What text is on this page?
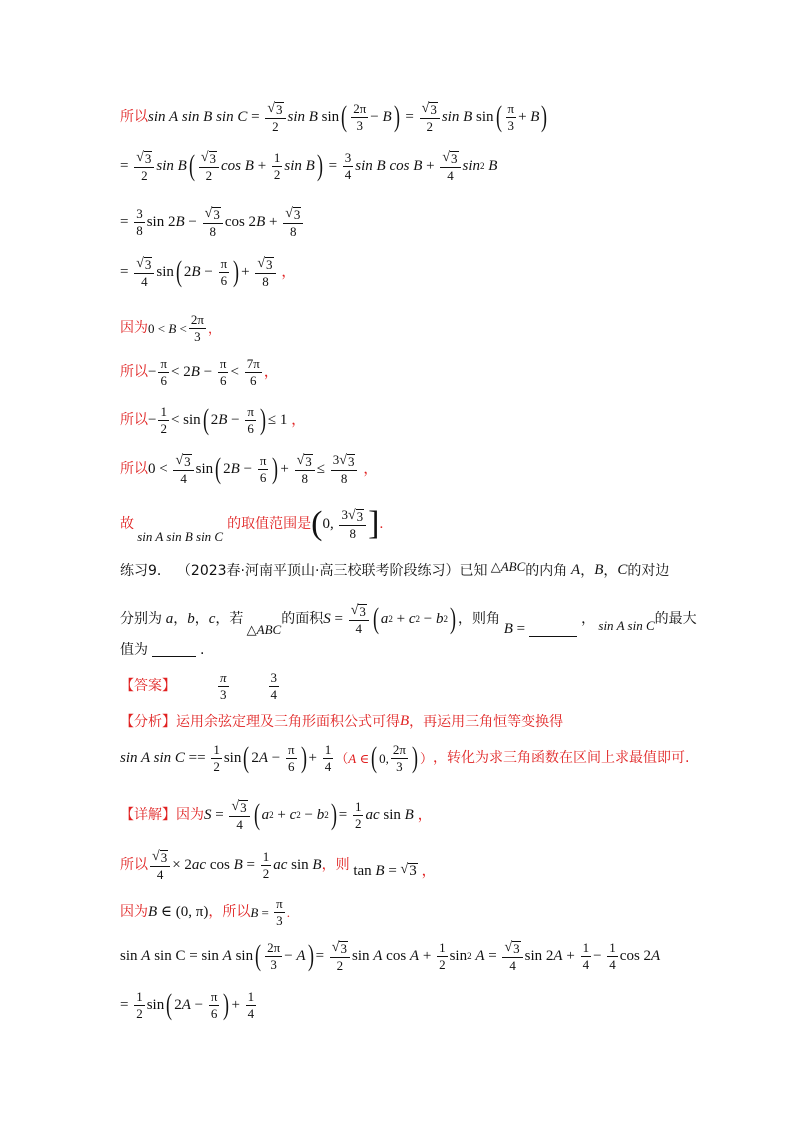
所以 sin A
sin B
$\sin C = \frac{√ 3}{2}$ sin B sin ( $\frac{2\pi}{3} - B$ ) = $\frac{√ 3}{2}$ sin B sin ( $\frac{\pi}{3} + B$ )
= $\frac{√ 3}{2}$ sin B ( $\frac{√ 3}{2}$ $\cos B + \frac{1}{2}$ sin B ) = $\frac{3}{4}$ sin B $\cos B + \frac{√ 3}{4}$ sin 2
B
= $\frac{3}{8}$ sin 2 $B - \frac{√ 3}{8}$ cos 2 $B + \frac{√ 3}{8}$
= $\frac{√ 3}{4}$ sin ( 2 $B - \frac{\pi}{6}$ ) + $\frac{√ 3}{8}$ ，
因为 $0 < B < \frac{2\pi}{3}$ ，
所以 − $\frac{\pi}{6} < 2$ $B - \frac{\pi}{6} < \frac{7\pi}{6}$ ，
所以 − $\frac{1}{2} < \sin$ ( 2 $B - \frac{\pi}{6}$ ) ≤ 1 ，
所以 $0 < \frac{√ 3}{4}$ sin ( 2 $B - \frac{\pi}{6}$ ) + $\frac{√ 3}{8} \le \frac{3 √ 3}{8}$ ，
故

sin A sin B sin C
的取值范围是 ( 0, $\frac{3 √ 3}{8}$ ] .
练习9． （2023春·河南平顶山·高三校联考阶段练习）已知 △ABC 的内角 A ， B ， C 的对边
分别为 a ， b ， c ，若
△ABC
的面积 $S = \frac{√ 3}{4}$ ( a 2 + c 2 − b 2 ) ，则角
B =
， sin A sin C 的最大
值为	.
【答案】	$\frac{\pi}{3}$	$\frac{3}{4}$
【分析】 运用余弦定理及三角形面积公式可得 B ，再运用三角恒等变换得
sin A $\sin C == \frac{1}{2}$ sin ( 2 $A - \frac{\pi}{6}$ ) + $\frac{1}{4}$ （ A ∈ ( 0, $\frac{2\pi}{3}$ ) ） ，转化为求三角函数在区间上求最值即可.
【详解】 因为 $S = \frac{√ 3}{4}$ ( a 2 + c 2 − b 2 ) = $\frac{1}{2}$ ac sin B ，
所以 $\frac{√ 3}{4} \times 2$ ac $\cos B = \frac{1}{2}$ ac sin B ，则 tan B = √ 3 ，
因为 B ∈ (0, π) ，所以 $B = \frac{\pi}{3}$ .
sin A sin C = sin A sin ( $\frac{2\pi}{3} - A$ ) = $\frac{√ 3}{2}$ sin A $\cos A + \frac{1}{2}$ sin 2
$A = \frac{√ 3}{4}$ sin 2 $A + \frac{1}{4} - \frac{1}{4}$ cos 2 A
= $\frac{1}{2}$ sin ( 2 $A - \frac{\pi}{6}$ ) + $\frac{1}{4}$
